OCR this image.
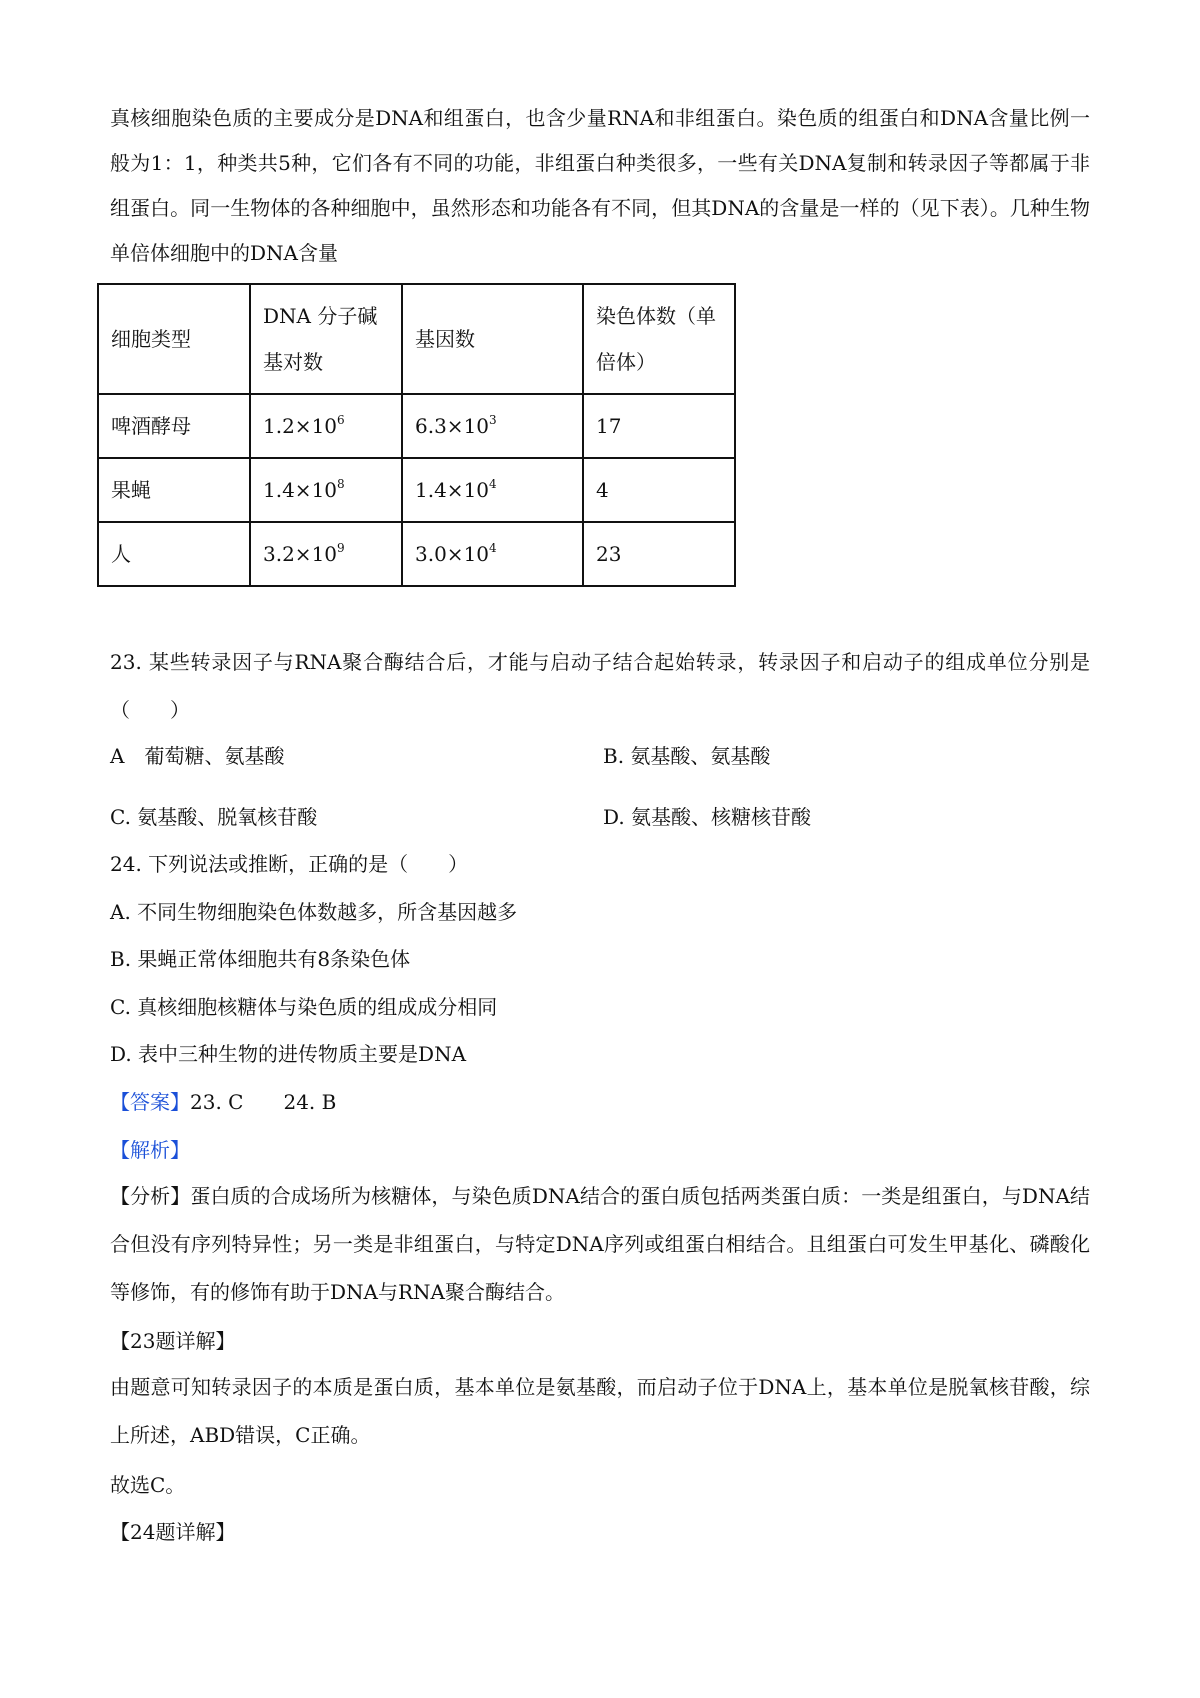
真核细胞染色质的主要成分是DNA和组蛋白，也含少量RNA和非组蛋白。染色质的组蛋白和DNA含量比例一般为1：1，种类共5种，它们各有不同的功能，非组蛋白种类很多，一些有关DNA复制和转录因子等都属于非组蛋白。同一生物体的各种细胞中，虽然形态和功能各有不同，但其DNA的含量是一样的（见下表）。几种生物单倍体细胞中的DNA含量

细胞类型	DNA 分子碱基对数	基因数	染色体数（单倍体）
啤酒酵母	$1.2\times 10^6$	$6.3\times 10^3$	17
果蝇	$1.4\times 10^8$	$1.4\times 10^4$	4
人	$3.2\times 10^9$	$3.0\times 10^4$	23

23. 某些转录因子与RNA聚合酶结合后，才能与启动子结合起始转录，转录因子和启动子的组成单位分别是（　　）

A　葡萄糖、氨基酸	B. 氨基酸、氨基酸

C. 氨基酸、脱氧核苷酸	D. 氨基酸、核糖核苷酸

24. 下列说法或推断，正确的是（　　）

A. 不同生物细胞染色体数越多，所含基因越多

B. 果蝇正常体细胞共有8条染色体

C. 真核细胞核糖体与染色质的组成成分相同

D. 表中三种生物的进传物质主要是DNA

【答案】23. C　　24. B

【解析】

【分析】蛋白质的合成场所为核糖体，与染色质DNA结合的蛋白质包括两类蛋白质：一类是组蛋白，与DNA结合但没有序列特异性；另一类是非组蛋白，与特定DNA序列或组蛋白相结合。且组蛋白可发生甲基化、磷酸化等修饰，有的修饰有助于DNA与RNA聚合酶结合。

【23题详解】

由题意可知转录因子的本质是蛋白质，基本单位是氨基酸，而启动子位于DNA上，基本单位是脱氧核苷酸，综上所述，ABD错误，C正确。

故选C。

【24题详解】
